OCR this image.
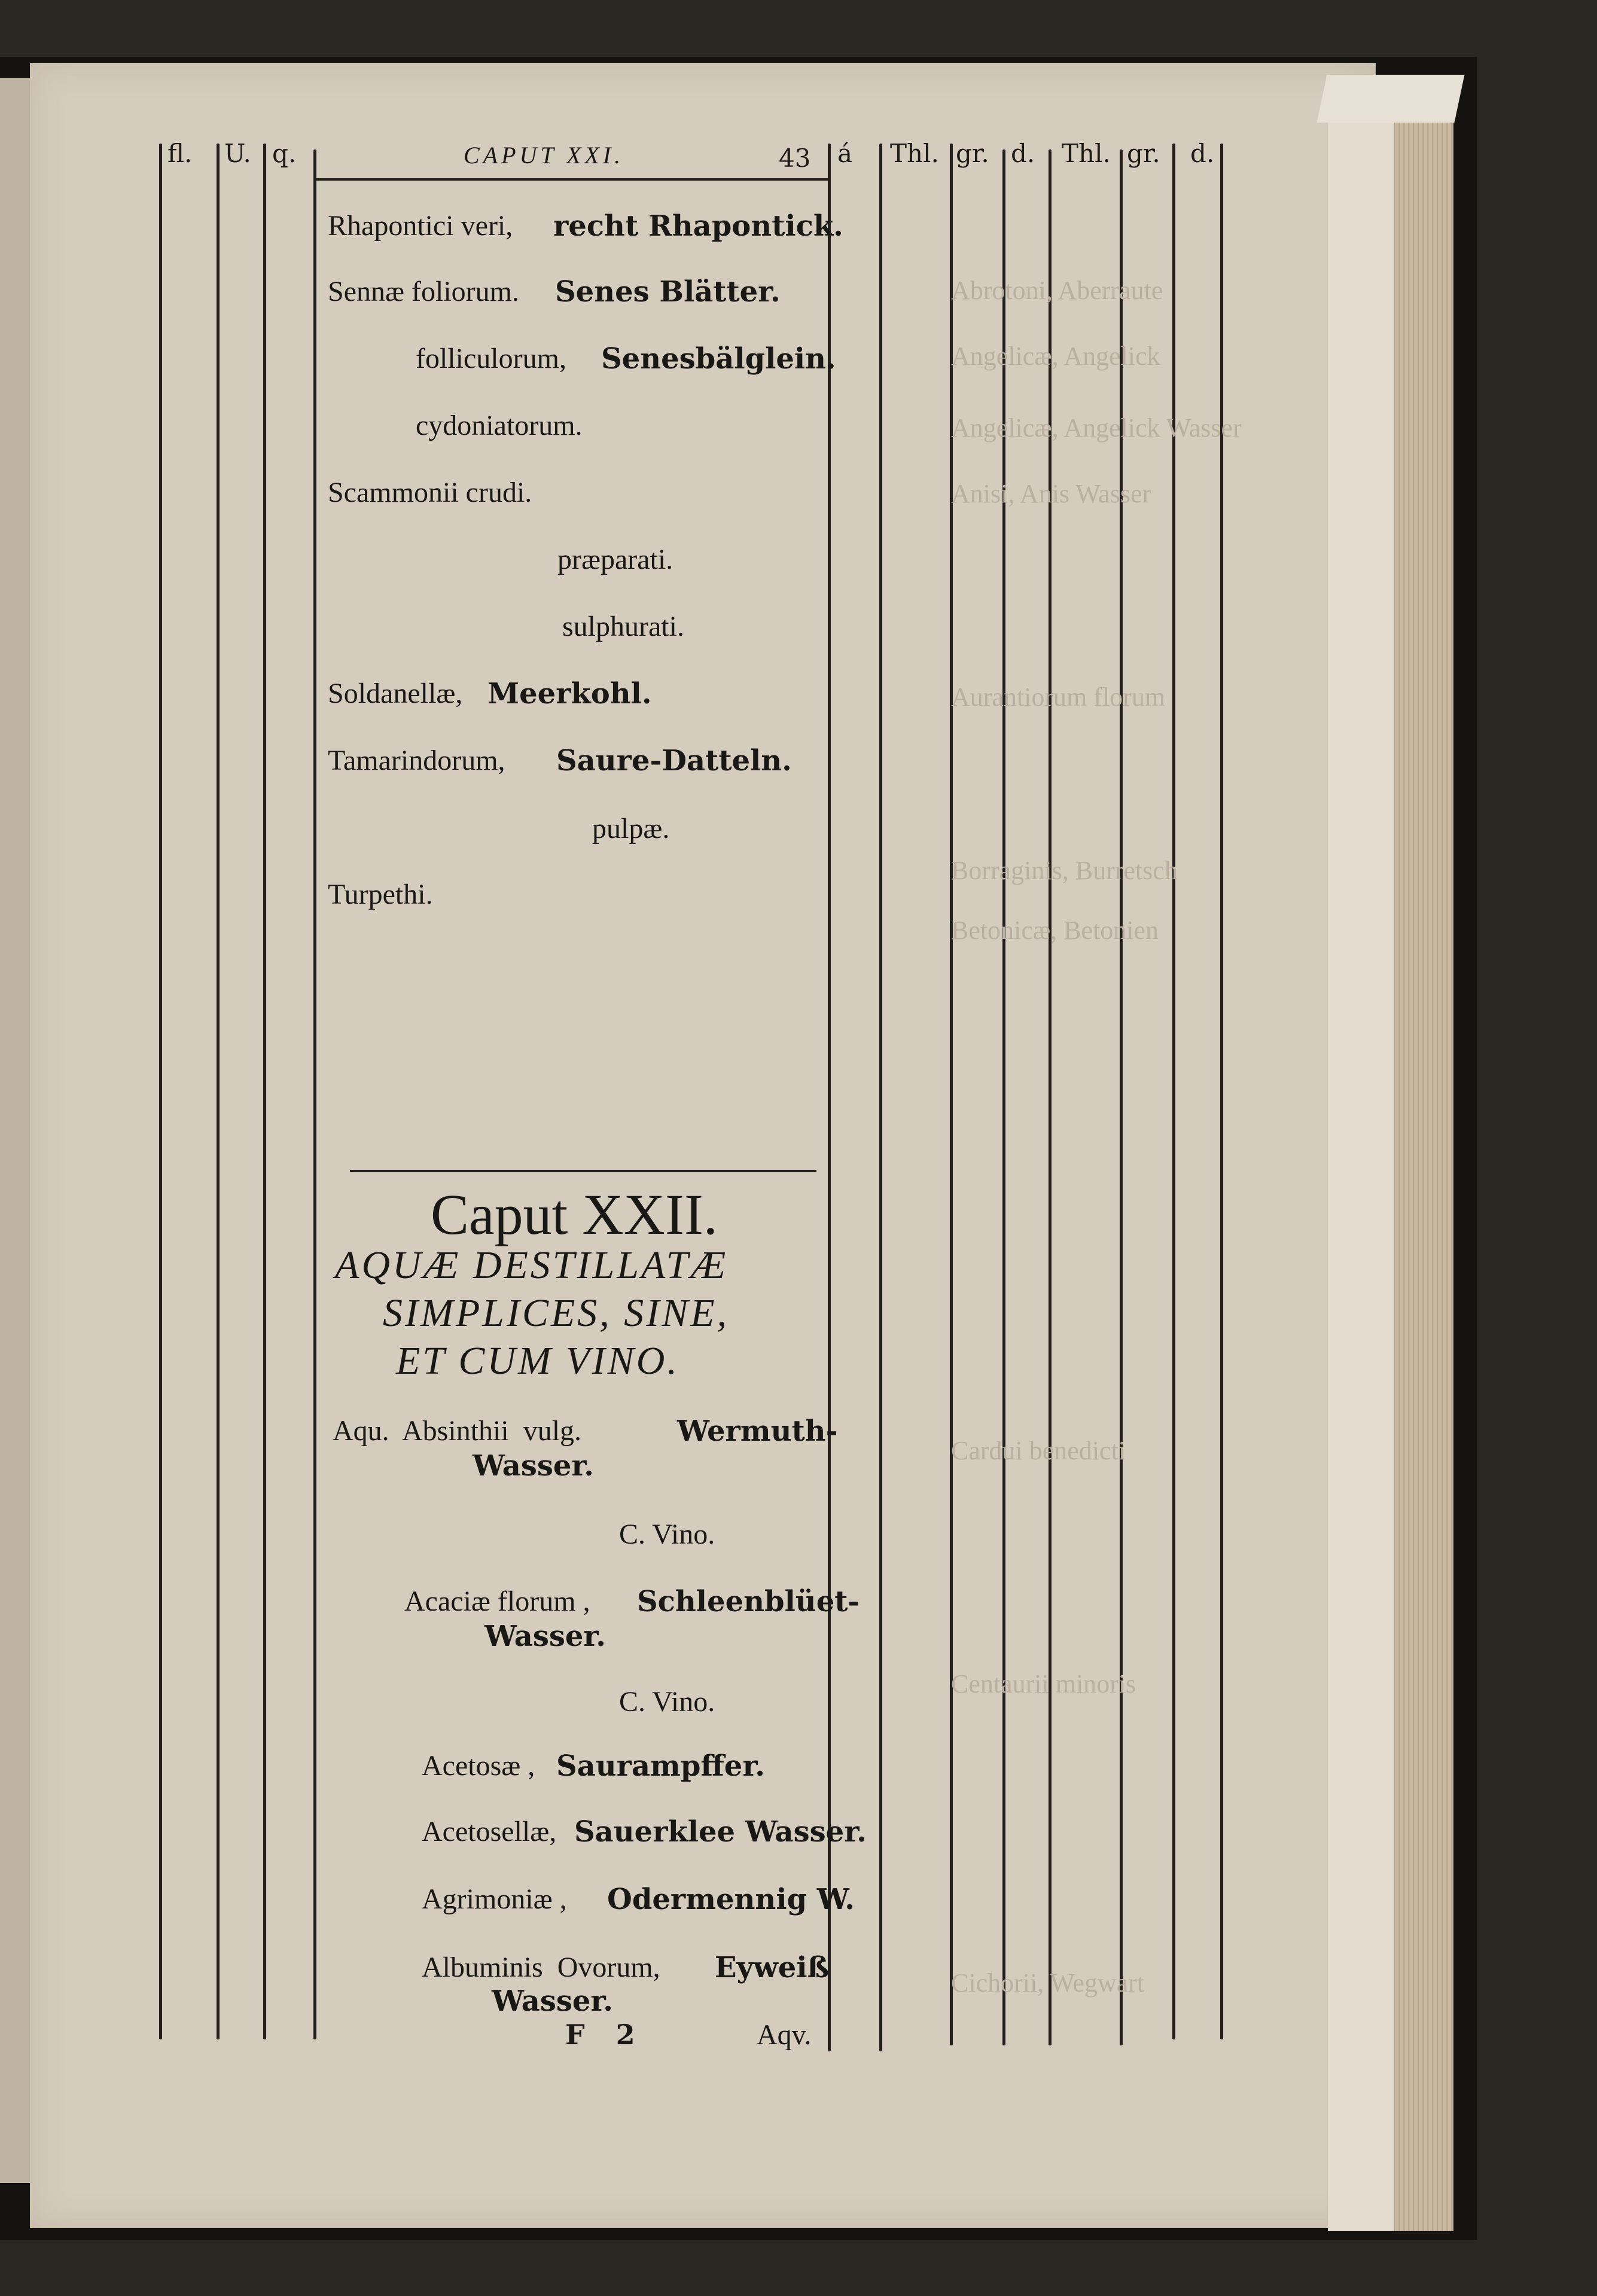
fl. U. q.	CAPUT XXI.	43 á Thl. gr. d. Thl. gr. d.
Abrotoni, Aberraute
Angelicæ, Angelick
Angelicæ, Angelick Wasser
Anisi, Anis Wasser
Aurantiorum florum
Borraginis, Burretsch
Betonicæ, Betonien
Cardui benedicti
Centaurii minoris
Cichorii, Wegwart
Rhapontici veri, recht Rhapontick.
Sennæ foliorum. Senes Blätter.
folliculorum, Senesbälglein.
cydoniatorum.
Scammonii crudi.
præparati.
sulphurati.
Soldanellæ, Meerkohl.
Tamarindorum, Saure-Datteln.
pulpæ.
Turpethi.
Caput XXII.
AQUÆ DESTILLATÆ
SIMPLICES, SINE,
ET CUM VINO.
Aqu.  Absinthii  vulg.	Wermuth-
Wasser.
C. Vino.
Acaciæ florum , Schleenblüet-
Wasser.
C. Vino.
Acetosæ , Saurampffer.
Acetosellæ, Sauerklee Wasser.
Agrimoniæ , Odermennig W.
Albuminis  Ovorum, Eyweiß
Wasser.
F 2	Aqv.
